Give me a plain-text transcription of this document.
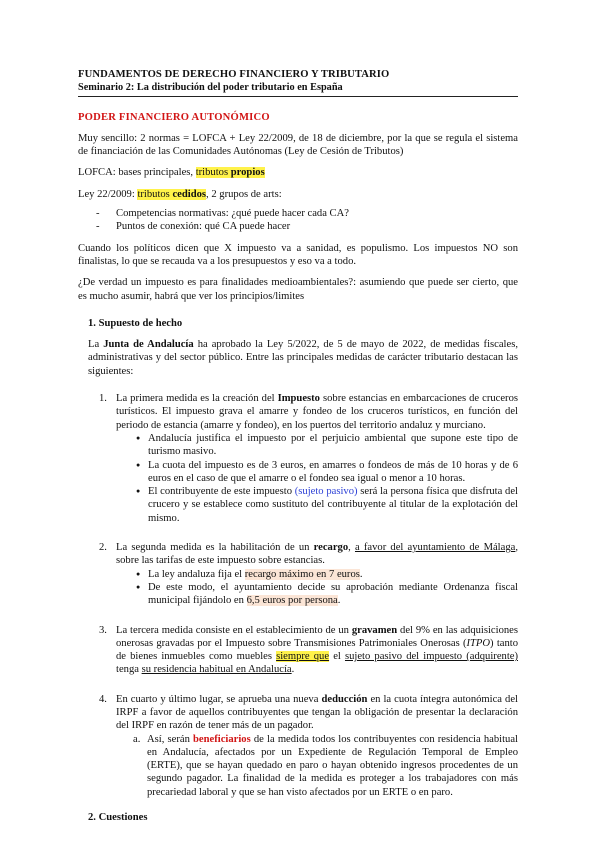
FUNDAMENTOS DE DERECHO FINANCIERO Y TRIBUTARIO
Seminario 2: La distribución del poder tributario en España
PODER FINANCIERO AUTONÓMICO

Muy sencillo: 2 normas = LOFCA + Ley 22/2009, de 18 de diciembre, por la que se regula el sistema de financiación de las Comunidades Autónomas (Ley de Cesión de Tributos)

LOFCA: bases principales, tributos propios

Ley 22/2009: tributos cedidos, 2 grupos de arts:

- Competencias normativas: ¿qué puede hacer cada CA?
- Puntos de conexión: qué CA puede hacer

Cuando los políticos dicen que X impuesto va a sanidad, es populismo. Los impuestos NO son finalistas, lo que se recauda va a los presupuestos y eso va a todo.

¿De verdad un impuesto es para finalidades medioambientales?: asumiendo que puede ser cierto, que es mucho asumir, habrá que ver los principios/limites

1. Supuesto de hecho

La Junta de Andalucía ha aprobado la Ley 5/2022, de 5 de mayo de 2022, de medidas fiscales, administrativas y del sector público. Entre las principales medidas de carácter tributario destacan las siguientes:

1. La primera medida es la creación del Impuesto sobre estancias en embarcaciones de cruceros turísticos. El impuesto grava el amarre y fondeo de los cruceros turísticos, en función del periodo de estancia (amarre y fondeo), en los puertos del territorio andaluz y murciano.

● Andalucía justifica el impuesto por el perjuicio ambiental que supone este tipo de turismo masivo.
● La cuota del impuesto es de 3 euros, en amarres o fondeos de más de 10 horas y de 6 euros en el caso de que el amarre o el fondeo sea igual o menor a 10 horas.
● El contribuyente de este impuesto (sujeto pasivo) será la persona física que disfruta del crucero y se establece como sustituto del contribuyente al titular de la explotación del mismo.
2. La segunda medida es la habilitación de un recargo, a favor del ayuntamiento de Málaga, sobre las tarifas de este impuesto sobre estancias.

● La ley andaluza fija el recargo máximo en 7 euros.
● De este modo, el ayuntamiento decide su aprobación mediante Ordenanza fiscal municipal fijándolo en 6,5 euros por persona.
3. La tercera medida consiste en el establecimiento de un gravamen del 9% en las adquisiciones onerosas gravadas por el Impuesto sobre Transmisiones Patrimoniales Onerosas (ITPO) tanto de bienes inmuebles como muebles siempre que el sujeto pasivo del impuesto (adquirente) tenga su residencia habitual en Andalucía.

4. En cuarto y último lugar, se aprueba una nueva deducción en la cuota íntegra autonómica del IRPF a favor de aquellos contribuyentes que tengan la obligación de presentar la declaración del IRPF en razón de tener más de un pagador.

a. Así, serán beneficiarios de la medida todos los contribuyentes con residencia habitual en Andalucía, afectados por un Expediente de Regulación Temporal de Empleo (ERTE), que se hayan quedado en paro o hayan obtenido ingresos procedentes de un segundo pagador. La finalidad de la medida es proteger a los trabajadores con más precariedad laboral y que se han visto afectados por un ERTE o en paro.
2. Cuestiones
